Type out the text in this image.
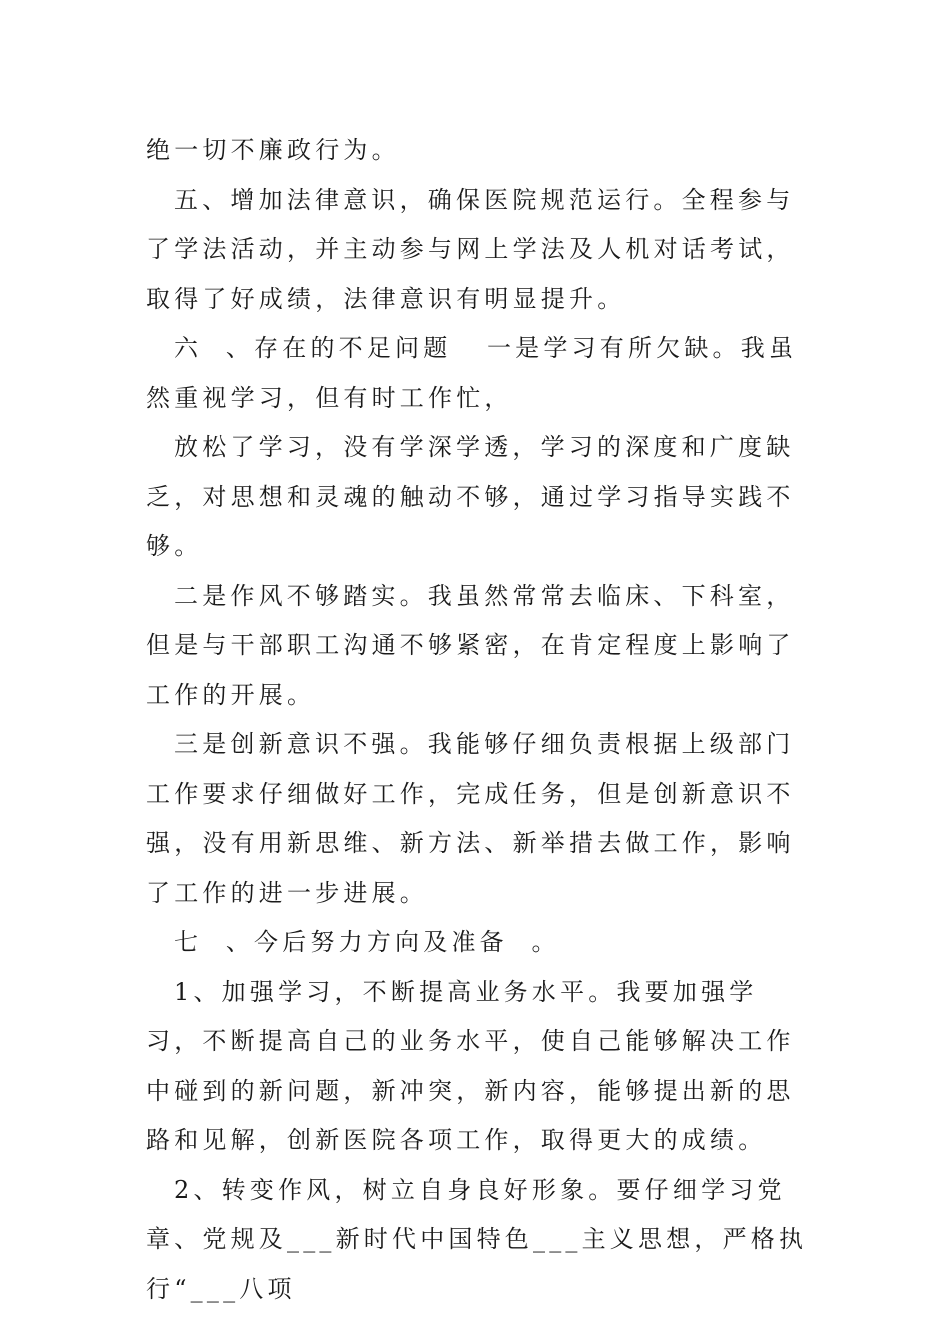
绝一切不廉政行为。

五、增加法律意识，确保医院规范运行。全程参与了学法活动，并主动参与网上学法及人机对话考试，取得了好成绩，法律意识有明显提升。

六  、存在的不足问题   一是学习有所欠缺。我虽然重视学习，但有时工作忙，

放松了学习，没有学深学透，学习的深度和广度缺乏，对思想和灵魂的触动不够，通过学习指导实践不够。

二是作风不够踏实。我虽然常常去临床、下科室，但是与干部职工沟通不够紧密，在肯定程度上影响了工作的开展。

三是创新意识不强。我能够仔细负责根据上级部门工作要求仔细做好工作，完成任务，但是创新意识不强，没有用新思维、新方法、新举措去做工作，影响了工作的进一步进展。

七  、今后努力方向及准备  。

1、加强学习，不断提高业务水平。我要加强学习，不断提高自己的业务水平，使自己能够解决工作中碰到的新问题，新冲突，新内容，能够提出新的思路和见解，创新医院各项工作，取得更大的成绩。

2、转变作风，树立自身良好形象。要仔细学习党章、党规及___新时代中国特色___主义思想，严格执行“___八项
